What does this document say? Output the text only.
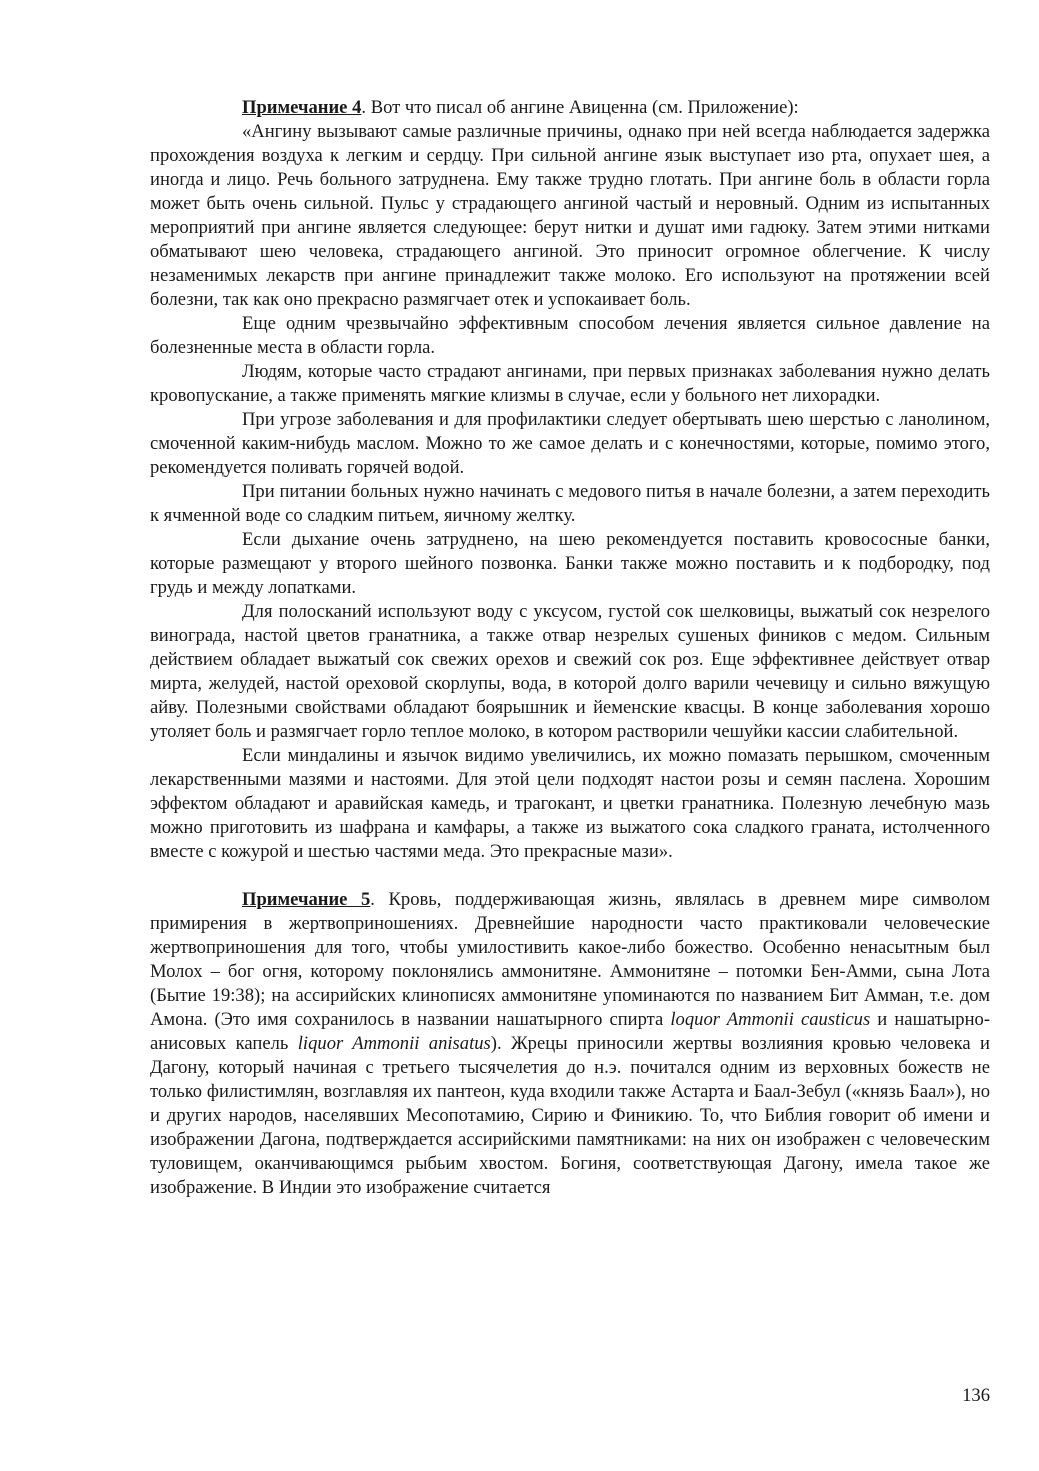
Примечание 4. Вот что писал об ангине Авиценна (см. Приложение):

«Ангину вызывают самые различные причины, однако при ней всегда наблюдается задержка прохождения воздуха к легким и сердцу. При сильной ангине язык выступает изо рта, опухает шея, а иногда и лицо. Речь больного затруднена. Ему также трудно глотать. При ангине боль в области горла может быть очень сильной. Пульс у страдающего ангиной частый и неровный. Одним из испытанных мероприятий при ангине является следующее: берут нитки и душат ими гадюку. Затем этими нитками обматывают шею человека, страдающего ангиной. Это приносит огромное облегчение. К числу незаменимых лекарств при ангине принадлежит также молоко. Его используют на протяжении всей болезни, так как оно прекрасно размягчает отек и успокаивает боль.

Еще одним чрезвычайно эффективным способом лечения является сильное давление на болезненные места в области горла.

Людям, которые часто страдают ангинами, при первых признаках заболевания нужно делать кровопускание, а также применять мягкие клизмы в случае, если у больного нет лихорадки.

При угрозе заболевания и для профилактики следует обертывать шею шерстью с ланолином, смоченной каким-нибудь маслом. Можно то же самое делать и с конечностями, которые, помимо этого, рекомендуется поливать горячей водой.

При питании больных нужно начинать с медового питья в начале болезни, а затем переходить к ячменной воде со сладким питьем, яичному желтку.

Если дыхание очень затруднено, на шею рекомендуется поставить кровососные банки, которые размещают у второго шейного позвонка. Банки также можно поставить и к подбородку, под грудь и между лопатками.

Для полосканий используют воду с уксусом, густой сок шелковицы, выжатый сок незрелого винограда, настой цветов гранатника, а также отвар незрелых сушеных фиников с медом. Сильным действием обладает выжатый сок свежих орехов и свежий сок роз. Еще эффективнее действует отвар мирта, желудей, настой ореховой скорлупы, вода, в которой долго варили чечевицу и сильно вяжущую айву. Полезными свойствами обладают боярышник и йеменские квасцы. В конце заболевания хорошо утоляет боль и размягчает горло теплое молоко, в котором растворили чешуйки кассии слабительной.

Если миндалины и язычок видимо увеличились, их можно помазать перышком, смоченным лекарственными мазями и настоями. Для этой цели подходят настои розы и семян паслена. Хорошим эффектом обладают и аравийская камедь, и трагокант, и цветки гранатника. Полезную лечебную мазь можно приготовить из шафрана и камфары, а также из выжатого сока сладкого граната, истолченного вместе с кожурой и шестью частями меда. Это прекрасные мази».

Примечание 5. Кровь, поддерживающая жизнь, являлась в древнем мире символом примирения в жертвоприношениях. Древнейшие народности часто практиковали человеческие жертвоприношения для того, чтобы умилостивить какое-либо божество. Особенно ненасытным был Молох – бог огня, которому поклонялись аммонитяне. Аммонитяне – потомки Бен-Амми, сына Лота (Бытие 19:38); на ассирийских клинописях аммонитяне упоминаются по названием Бит Амман, т.е. дом Амона. (Это имя сохранилось в названии нашатырного спирта loquor Ammonii causticus и нашатырно-анисовых капель liquor Ammonii anisatus). Жрецы приносили жертвы возлияния кровью человека и Дагону, который начиная с третьего тысячелетия до н.э. почитался одним из верховных божеств не только филистимлян, возглавляя их пантеон, куда входили также Астарта и Баал-Зебул («князь Баал»), но и других народов, населявших Месопотамию, Сирию и Финикию. То, что Библия говорит об имени и изображении Дагона, подтверждается ассирийскими памятниками: на них он изображен с человеческим туловищем, оканчивающимся рыбьим хвостом. Богиня, соответствующая Дагону, имела такое же изображение. В Индии это изображение считается

136
